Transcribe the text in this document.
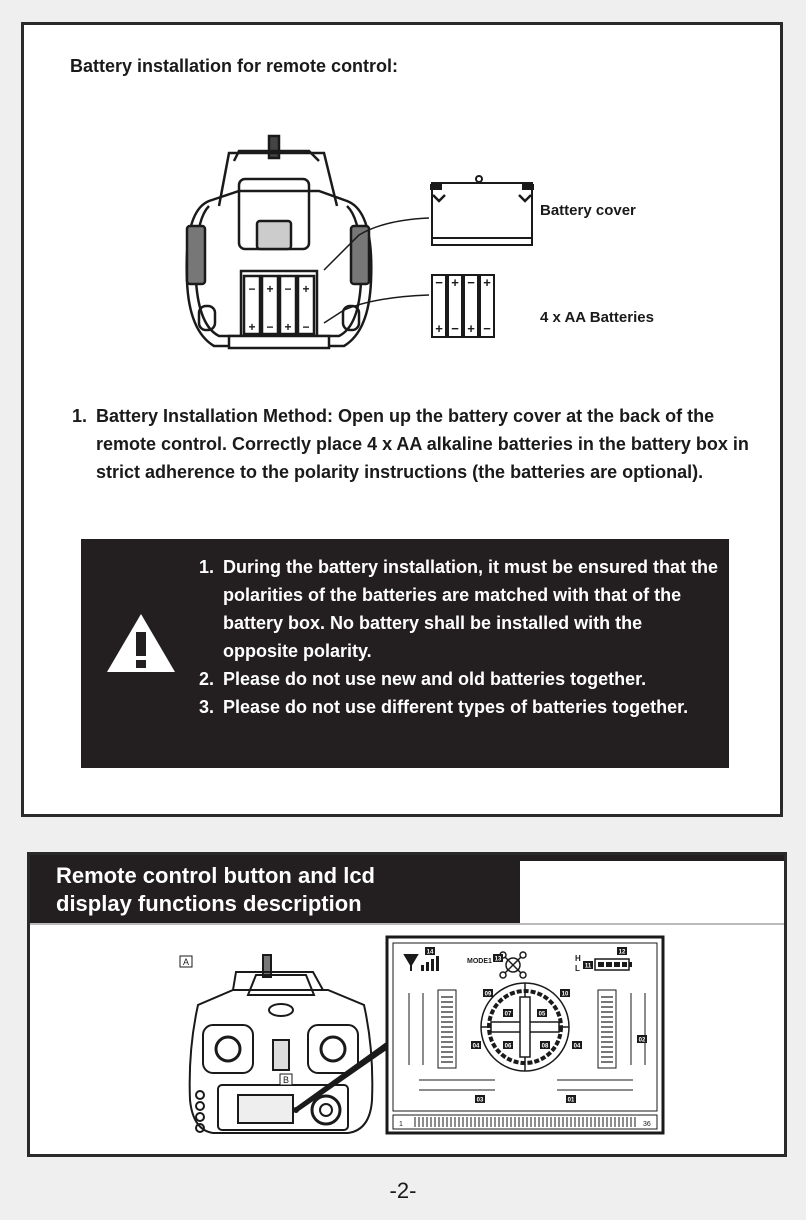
Battery installation for remote control:
− + − +
+ − + −
− + − +
+ − + −
Battery cover
4 x AA Batteries
1. Battery Installation Method: Open up the battery cover at the back of the remote control. Correctly place 4 x AA alkaline batteries in the battery box in strict adherence to the polarity instructions (the batteries are optional).
1. During the battery installation, it must be ensured that the polarities of the batteries are matched with that of the battery box. No battery shall be installed with the opposite polarity.
2. Please do not use new and old batteries together.
3. Please do not use different types of batteries together.
Remote control button and lcd
display functions description
A
B
1	36
MODE1	H
L
14
13
12
11
09	10
07	05
06	08
04	04
02
03	01
-2-
